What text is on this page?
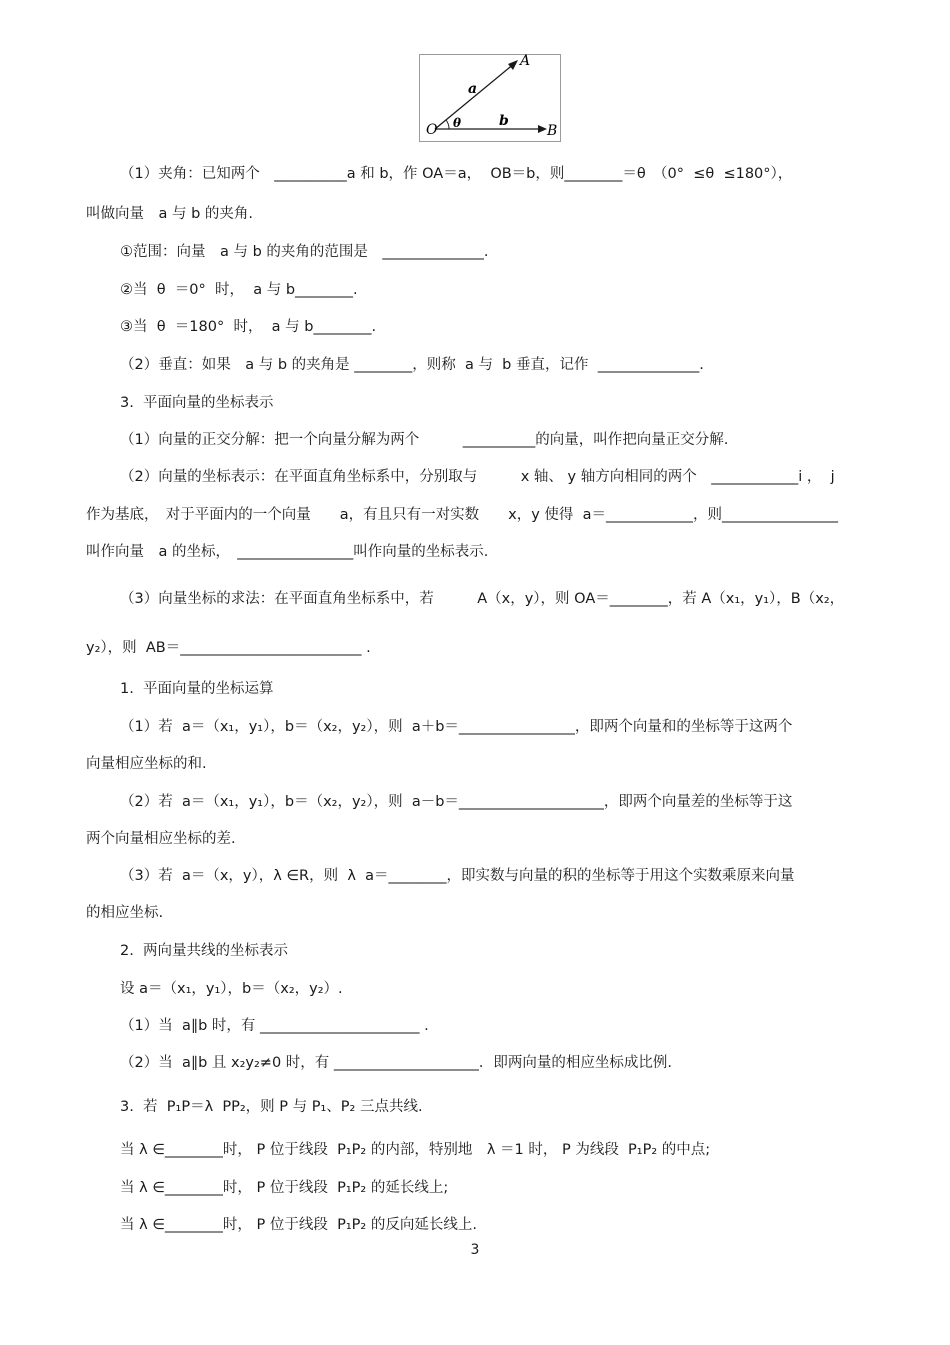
O
A
B
a
b
θ
（1）夹角：已知两个　__________a 和 b，作 OA＝a，  OB＝b，则________＝θ　（0°  ≤θ  ≤180°），
叫做向量　a 与 b 的夹角.
①范围：向量　a 与 b 的夹角的范围是　______________.
②当  θ  ＝0°  时，  a 与 b________.
③当  θ  ＝180°  时，  a 与 b________.
（2）垂直：如果　a 与 b 的夹角是 ________，则称  a 与  b 垂直，记作  ______________.
3.  平面向量的坐标表示
（1）向量的正交分解：把一个向量分解为两个　　　__________的向量，叫作把向量正交分解.
（2）向量的坐标表示：在平面直角坐标系中，分别取与　　　x 轴、 y 轴方向相同的两个　____________i ，  j
作为基底，　对于平面内的一个向量　　a，有且只有一对实数　　x，y 使得  a＝____________，则________________
叫作向量　a 的坐标，　________________叫作向量的坐标表示.
（3）向量坐标的求法：在平面直角坐标系中，若　　　A（x，y），则 OA＝________，若 A（x₁，y₁），B（x₂，
y₂），则  AB＝_________________________ .
1.  平面向量的坐标运算
（1）若  a＝（x₁，y₁），b＝（x₂，y₂），则  a＋b＝________________，即两个向量和的坐标等于这两个
向量相应坐标的和.
（2）若  a＝（x₁，y₁），b＝（x₂，y₂），则  a－b＝____________________，即两个向量差的坐标等于这
两个向量相应坐标的差.
（3）若  a＝（x，y），λ ∈R，则  λ  a＝________，即实数与向量的积的坐标等于用这个实数乘原来向量
的相应坐标.
2.  两向量共线的坐标表示
设 a＝（x₁，y₁），b＝（x₂，y₂）.
（1）当  a∥b 时，有 ______________________ .
（2）当  a∥b 且 x₂y₂≠0 时，有 ____________________．即两向量的相应坐标成比例.
3.  若  P₁P＝λ  PP₂，则 P 与 P₁、P₂ 三点共线.
当 λ ∈________时， P 位于线段  P₁P₂ 的内部，特别地　λ ＝1 时， P 为线段  P₁P₂ 的中点;
当 λ ∈________时， P 位于线段  P₁P₂ 的延长线上;
当 λ ∈________时， P 位于线段  P₁P₂ 的反向延长线上.
3
